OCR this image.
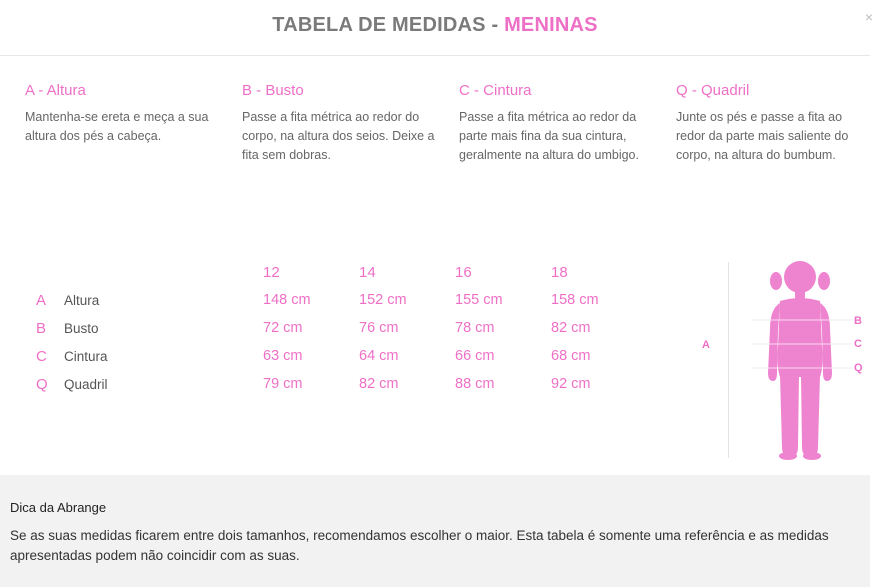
TABELA DE MEDIDAS - MENINAS	×
A - Altura

Mantenha-se ereta e meça a sua altura dos pés a cabeça.

B - Busto

Passe a fita métrica ao redor do corpo, na altura dos seios. Deixe a fita sem dobras.

C - Cintura

Passe a fita métrica ao redor da parte mais fina da sua cintura, geralmente na altura do umbigo.

Q - Quadril

Junte os pés e passe a fita ao redor da parte mais saliente do corpo, na altura do bumbum.

12	14	16	18
A Altura	148 cm	152 cm	155 cm	158 cm
B Busto	72 cm	76 cm	78 cm	82 cm
C Cintura	63 cm	64 cm	66 cm	68 cm
Q Quadril	79 cm	82 cm	88 cm	92 cm
A
B
C
Q
Dica da Abrange

Se as suas medidas ficarem entre dois tamanhos, recomendamos escolher o maior. Esta tabela é somente uma referência e as medidas apresentadas podem não coincidir com as suas.
